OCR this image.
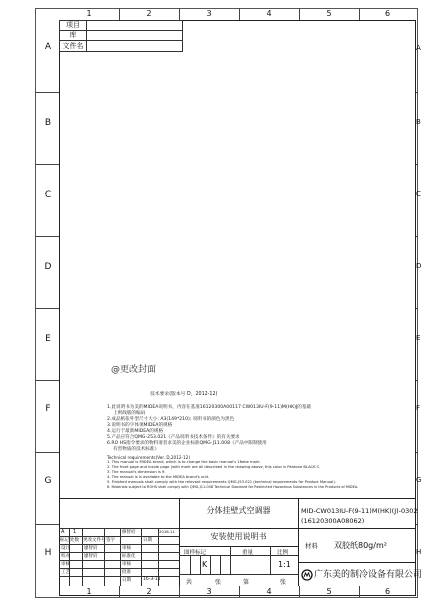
1	2	3	4	5	6
1	2	3	4	5	6
A
B
C
D
E
F
G
H
A
B
C
D
E
F
G
H
项目
库
文件名
@更改封面
技术要求(版本号 D，2012-12)
1.此说明书为美的MIDEA说明书，内容在基准16120300A00117 CW013IU-F(9-11)M(HK)J的基础
上则线版的编码
2.成品纸张外型尺寸大小: A3(149*210); 说明书的颜色为黑色
3.说明书的字体须MIDEA的规格
4.运行于最新MIDEA的规格
5.产品应符合QMG-253.021《产品说明书技术条件》的有关要求
6.RO HS指令要求的物料请者求美的企业标准QMG-J11.008《产品中限制使用
有害物质的技术标准》
Technical requirements(Ver. D,2012-12)
1. This manual is MIDEA brand, which is to change the basic manual's 16ebe mark.
2. The front page and inside page (with mark are all described in the drawing above, this color is Pantone BLACK C.
3. The manual's dimension is 9.
4. The manual is is available to the MIDEA brand's unit.
5. Finished manuals shall comply with the relevant requirements QMG-J53.021 (technical requirements for Product Manual).
6. Materials subject to ROHS shall comply with QMG-J11.008 Technical Standard for Restricted Hazardous Substances in the Products of MIDEA.
A 1	修智府	2016-11
标记 处数 更改文件号 签字	日期
设计	廖智府	审核
校对	廖智府	标准化
审核	审核
工艺	批准
日期	16-3-11
分体挂壁式空调器
安装使用说明书
图样标记	重量	比例
K	1:1
共	张	第	张
MID-CW013IU-F(9-11)M(HK)(J)-0302
(16120300A08062)
材料 双胶纸80g/m²
广东美的制冷设备有限公司
